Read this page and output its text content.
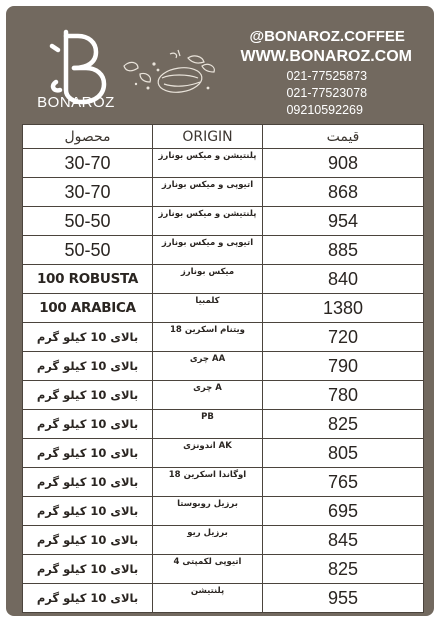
BONAROZ
@BONAROZ.COFFEE
WWW.BONAROZ.COM
021-77525873
021-77523078
09210592269
محصول	ORIGIN	قیمت
30-70	پلنتیشن و میکس بونارز	908
30-70	اتیوپی و میکس بونارز	868
50-50	پلنتیشن و میکس بونارز	954
50-50	اتیوپی و میکس بونارز	885
100 ROBUSTA	میکس بونارز	840
100 ARABICA	کلمبیا	1380
بالای 10 کیلو گرم	ویتنام اسکرین 18	720
بالای 10 کیلو گرم	چری AA	790
بالای 10 کیلو گرم	چری A	780
بالای 10 کیلو گرم	PB	825
بالای 10 کیلو گرم	اندونزی AK	805
بالای 10 کیلو گرم	اوگاندا اسکرین 18	765
بالای 10 کیلو گرم	برزیل روبوستا	695
بالای 10 کیلو گرم	برزیل ریو	845
بالای 10 کیلو گرم	اتیوپی لکمپتی 4	825
بالای 10 کیلو گرم	پلنتیشن	955
